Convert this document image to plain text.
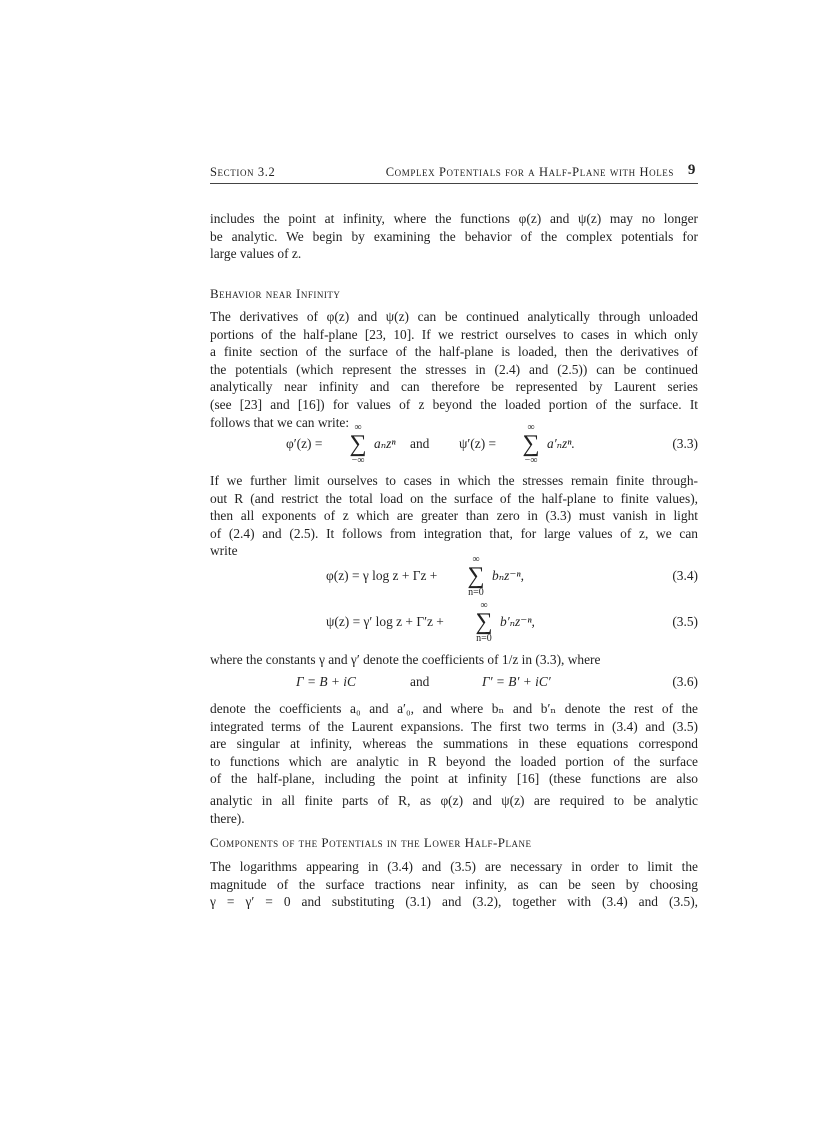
Section 3.2	Complex Potentials for a Half-Plane with Holes 9
includes the point at infinity, where the functions φ(z) and ψ(z) may no longer
be analytic. We begin by examining the behavior of the complex potentials for
large values of z.
Behavior near Infinity
The derivatives of φ(z) and ψ(z) can be continued analytically through unloaded
portions of the half-plane [23, 10]. If we restrict ourselves to cases in which only
a finite section of the surface of the half-plane is loaded, then the derivatives of
the potentials (which represent the stresses in (2.4) and (2.5)) can be continued
analytically near infinity and can therefore be represented by Laurent series
(see [23] and [16]) for values of z beyond the loaded portion of the surface. It
follows that we can write:
φ′(z) =
∞
∑
−∞
aₙzⁿ and ψ′(z) =
∞
∑
−∞
a′ₙzⁿ.	(3.3)
If we further limit ourselves to cases in which the stresses remain finite through-
out R (and restrict the total load on the surface of the half-plane to finite values),
then all exponents of z which are greater than zero in (3.3) must vanish in light
of (2.4) and (2.5). It follows from integration that, for large values of z, we can
write
φ(z) = γ log z + Γz +
∞
∑
n=0
bₙz⁻ⁿ,	(3.4)
ψ(z) = γ′ log z + Γ′z +
∞
∑
n=0
b′ₙz⁻ⁿ,	(3.5)
where the constants γ and γ′ denote the coefficients of 1/z in (3.3), where
Γ = B + iC	and	Γ′ = B′ + iC′	(3.6)
denote the coefficients a₀ and a′₀, and where bₙ and b′ₙ denote the rest of the
integrated terms of the Laurent expansions. The first two terms in (3.4) and (3.5)
are singular at infinity, whereas the summations in these equations correspond
to functions which are analytic in R beyond the loaded portion of the surface
of the half-plane, including the point at infinity [16] (these functions are also
analytic in all finite parts of R, as φ(z) and ψ(z) are required to be analytic
there).
Components of the Potentials in the Lower Half-Plane
The logarithms appearing in (3.4) and (3.5) are necessary in order to limit the
magnitude of the surface tractions near infinity, as can be seen by choosing
γ = γ′ = 0 and substituting (3.1) and (3.2), together with (3.4) and (3.5),
